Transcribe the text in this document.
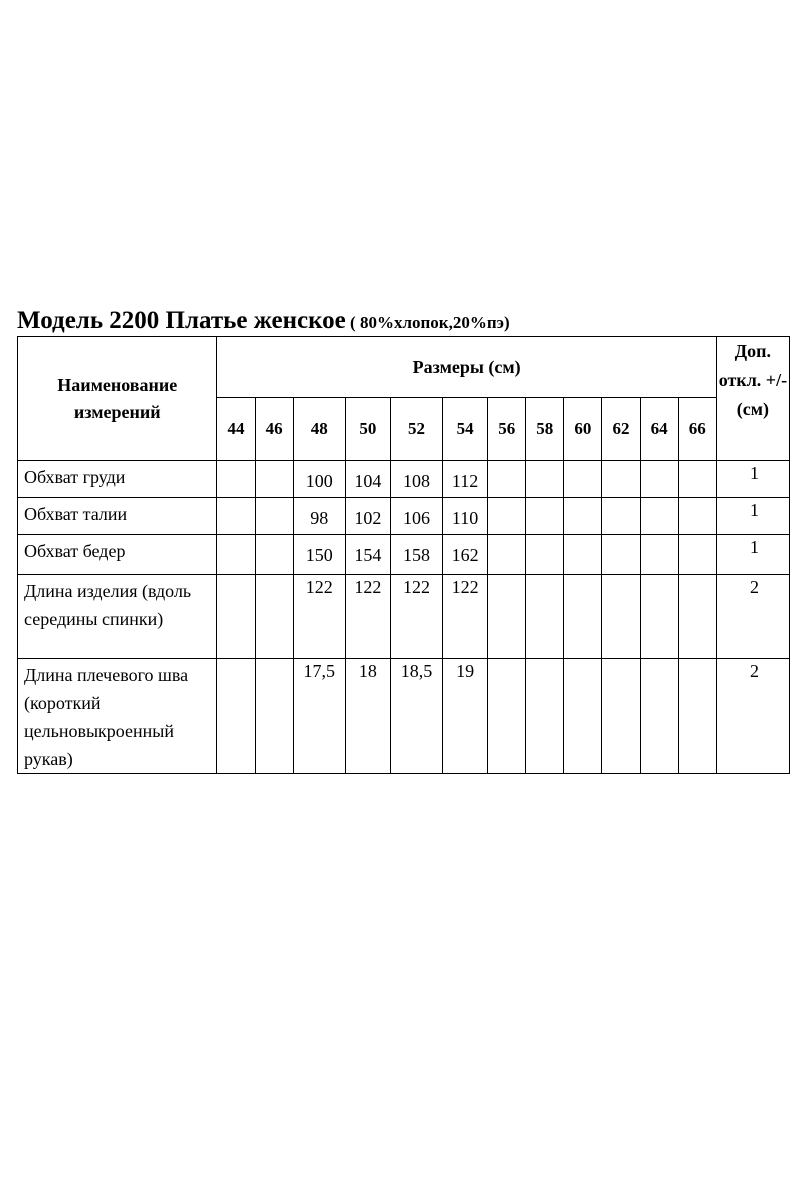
Модель 2200 Платье женское ( 80%хлопок,20%пэ)
Наименование измерений	Размеры (см)												Доп. откл. +/- (см)
	44	46	48	50	52	54	56	58	60	62	64	66	
Обхват груди			100	104	108	112							1
Обхват талии			98	102	106	110							1
Обхват бедер			150	154	158	162							1
Длина изделия (вдоль середины спинки)			122	122	122	122							2
Длина плечевого шва (короткий цельновыкроенный рукав)			17,5	18	18,5	19							2
